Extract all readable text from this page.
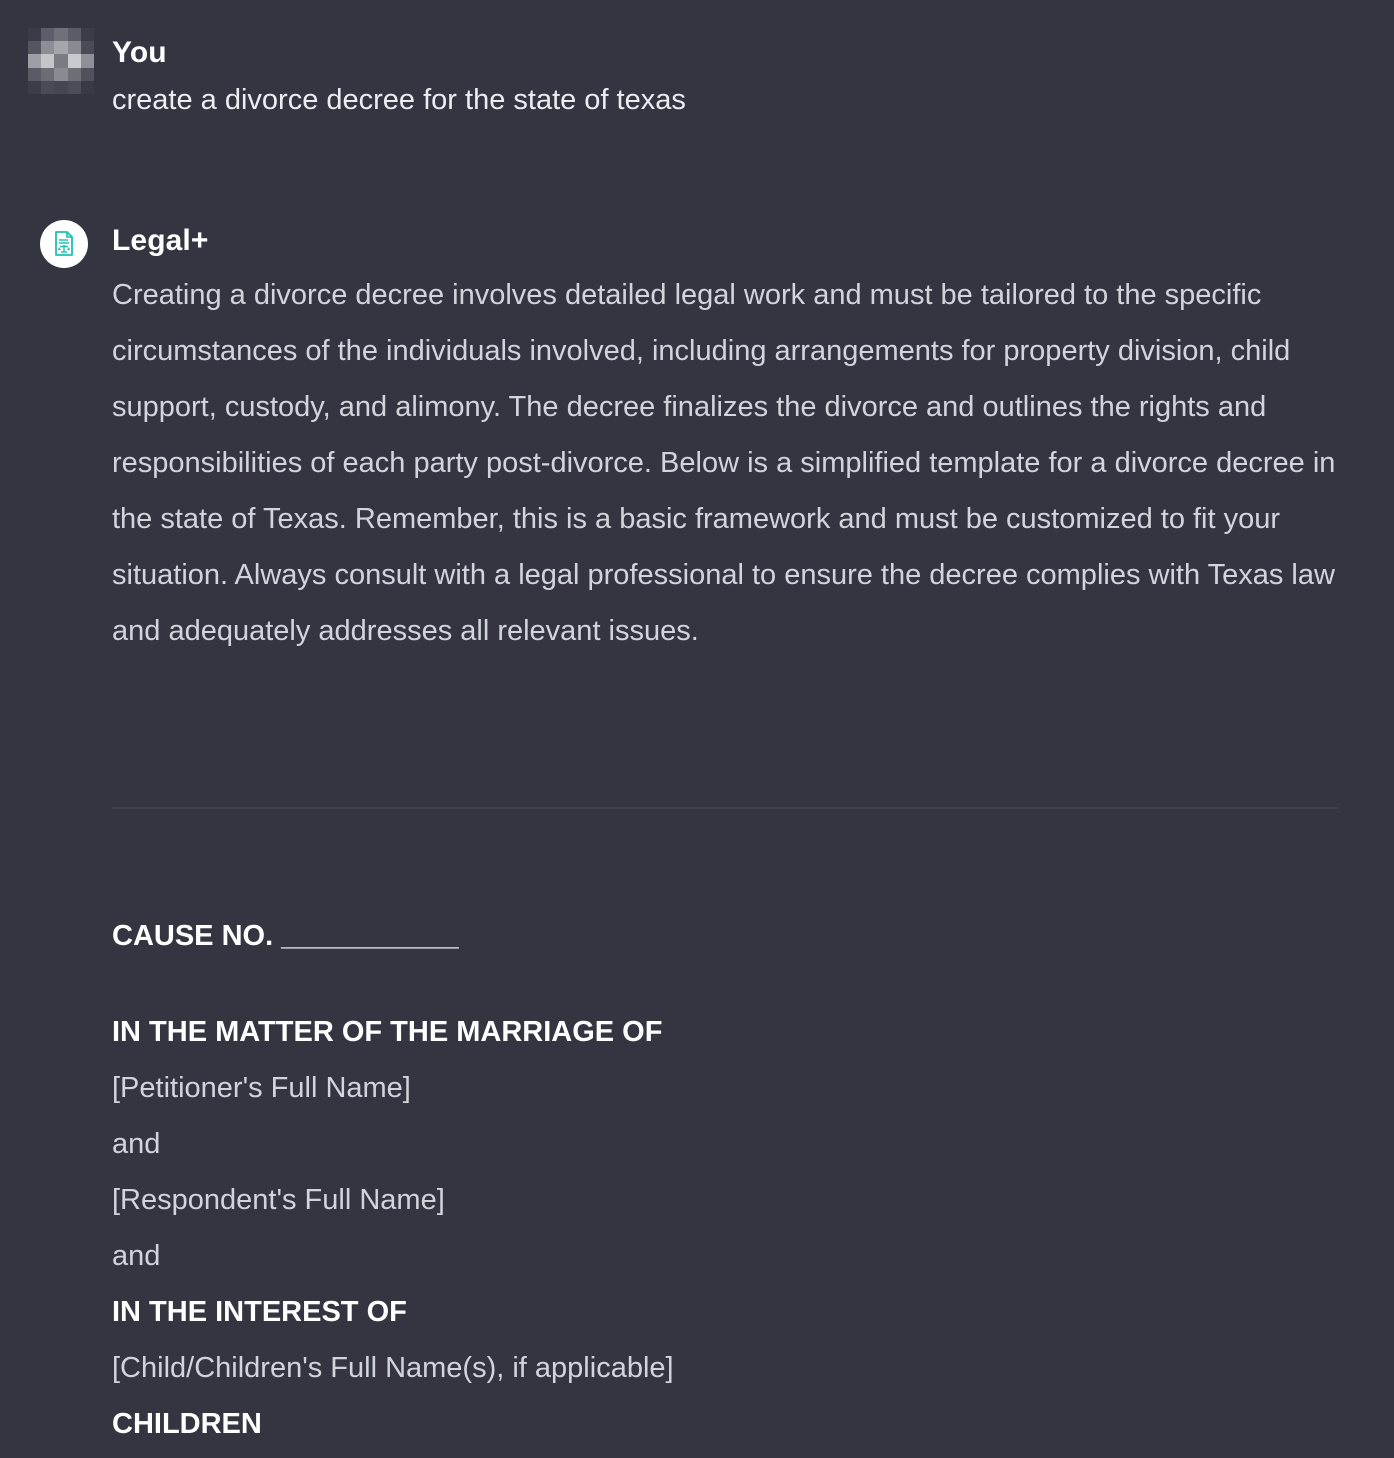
You
create a divorce decree for the state of texas
Legal+

Creating a divorce decree involves detailed legal work and must be tailored to the specific circumstances of the individuals involved, including arrangements for property division, child support, custody, and alimony. The decree finalizes the divorce and outlines the rights and responsibilities of each party post-divorce. Below is a simplified template for a divorce decree in the state of Texas. Remember, this is a basic framework and must be customized to fit your situation. Always consult with a legal professional to ensure the decree complies with Texas law and adequately addresses all relevant issues.

CAUSE NO. ___________
IN THE MATTER OF THE MARRIAGE OF
[Petitioner's Full Name]
and
[Respondent's Full Name]
and
IN THE INTEREST OF
[Child/Children's Full Name(s), if applicable]
CHILDREN
